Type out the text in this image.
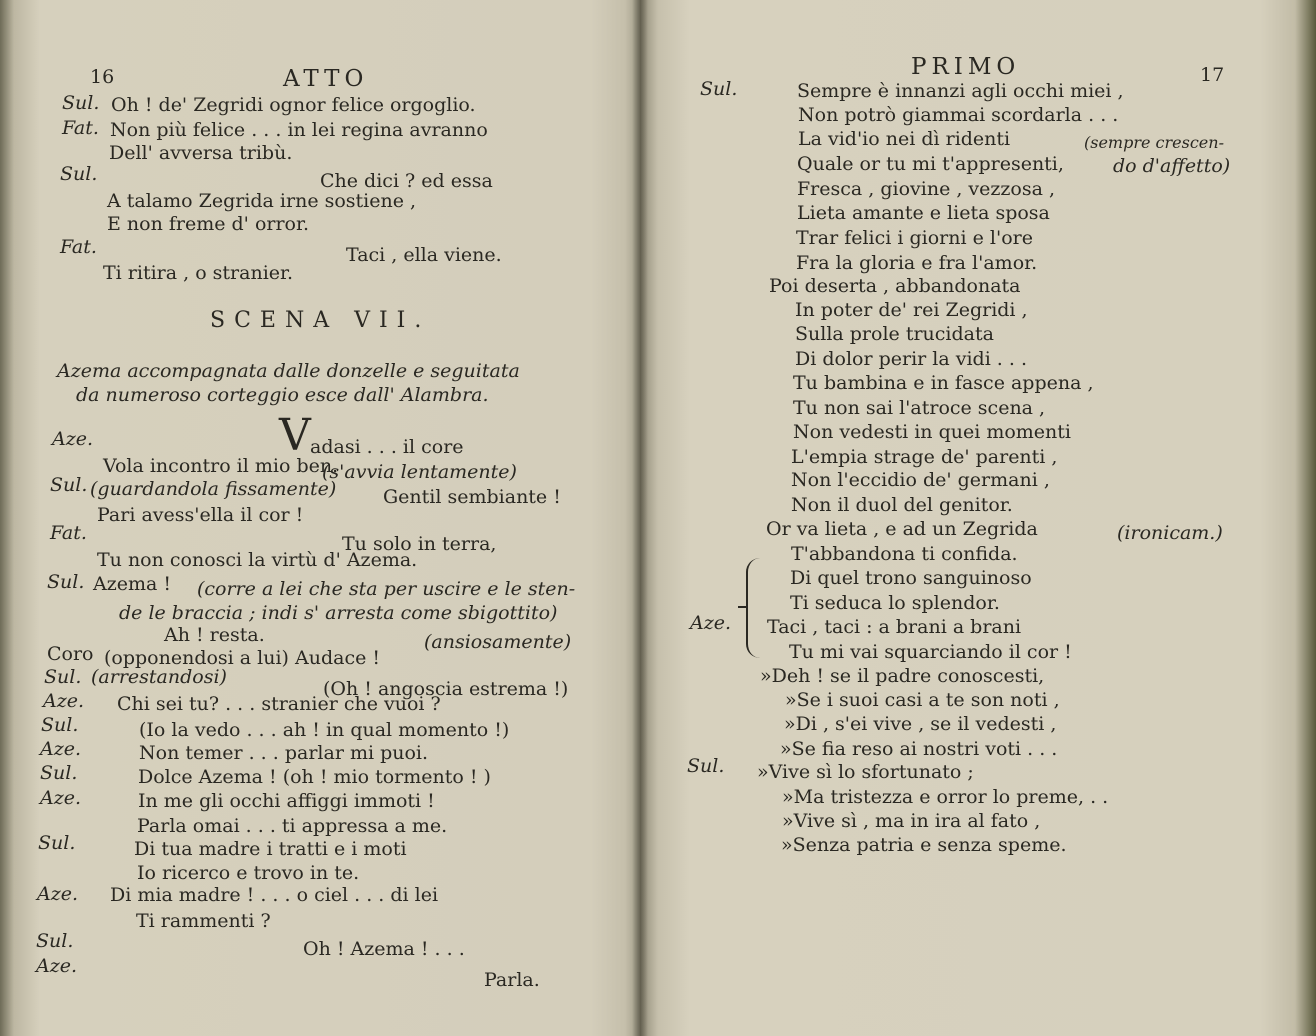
16	ATTO
Sul. Oh ! de' Zegridi ognor felice orgoglio.
Fat. Non più felice . . . in lei regina avranno
Dell' avversa tribù.
Sul.	Che dici ? ed essa
A talamo Zegrida irne sostiene ,
E non freme d' orror.
Fat.	Taci , ella viene.
Ti ritira , o stranier.
SCENA VII.
Azema accompagnata dalle donzelle e seguitata
da numeroso corteggio esce dall' Alambra.
Aze.	V adasi . . . il core
Vola incontro il mio ben.
(s'avvia lentamente)
Sul. (guardandola fissamente) Gentil sembiante !
Pari avess'ella il cor !
Fat.	Tu solo in terra,
Tu non conosci la virtù d' Azema.
Sul. Azema ! (corre a lei che sta per uscire e le sten-
de le braccia ; indi s' arresta come sbigottito)
Ah ! resta.	(ansiosamente)
Coro (opponendosi a lui) Audace !
Sul. (arrestandosi)
(Oh ! angoscia estrema !)
Aze. Chi sei tu? . . . stranier che vuoi ?
Sul.	(Io la vedo . . . ah ! in qual momento !)
Aze.	Non temer . . . parlar mi puoi.
Sul.	Dolce Azema ! (oh ! mio tormento ! )
Aze.	In me gli occhi affiggi immoti !
Parla omai . . . ti appressa a me.
Sul.	Di tua madre i tratti e i moti
Io ricerco e trovo in te.
Aze. Di mia madre ! . . . o ciel . . . di lei
Ti rammenti ?
Sul.	Oh ! Azema ! . . .
Aze.
Parla.
PRIMO	17
Sul.	Sempre è innanzi agli occhi miei ,
Non potrò giammai scordarla . . .
La vid'io nei dì ridenti	(sempre crescen-
Quale or tu mi t'appresenti,	do d'affetto)
Fresca , giovine , vezzosa ,
Lieta amante e lieta sposa
Trar felici i giorni e l'ore
Fra la gloria e fra l'amor.
Poi deserta , abbandonata
In poter de' rei Zegridi ,
Sulla prole trucidata
Di dolor perir la vidi . . .
Tu bambina e in fasce appena ,
Tu non sai l'atroce scena ,
Non vedesti in quei momenti
L'empia strage de' parenti ,
Non l'eccidio de' germani ,
Non il duol del genitor.
Or va lieta , e ad un Zegrida	(ironicam.)
T'abbandona ti confida.
Di quel trono sanguinoso
Ti seduca lo splendor.
Aze. Taci , taci : a brani a brani
Tu mi vai squarciando il cor !
»Deh ! se il padre conoscesti,
»Se i suoi casi a te son noti ,
»Di , s'ei vive , se il vedesti ,
»Se fia reso ai nostri voti . . .
Sul. »Vive sì lo sfortunato ;
»Ma tristezza e orror lo preme, . .
»Vive sì , ma in ira al fato ,
»Senza patria e senza speme.
